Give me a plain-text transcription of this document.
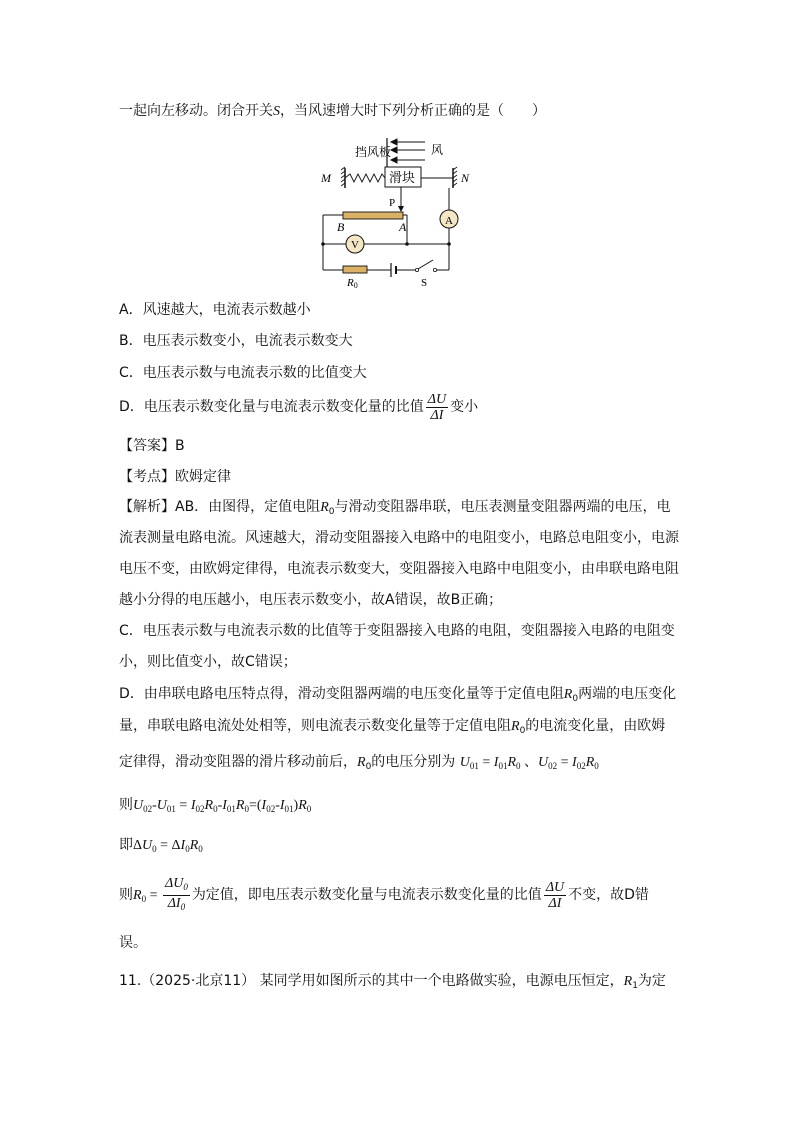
一起向左移动。闭合开关S，当风速增大时下列分析正确的是（　　）
挡风板	风
M	N
滑块
P
B	A	A
V
R0	S
A．风速越大，电流表示数越小
B．电压表示数变小，电流表示数变大
C．电压表示数与电流表示数的比值变大
D．电压表示数变化量与电流表示数变化量的比值 $\frac{\Delta U}{\Delta I}$ 变小
【答案】B
【考点】欧姆定律
【解析】AB．由图得，定值电阻$R_0$与滑动变阻器串联，电压表测量变阻器两端的电压，电
流表测量电路电流。风速越大，滑动变阻器接入电路中的电阻变小，电路总电阻变小，电源
电压不变，由欧姆定律得，电流表示数变大，变阻器接入电路中电阻变小，由串联电路电阻
越小分得的电压越小，电压表示数变小，故A错误，故B正确；
C．电压表示数与电流表示数的比值等于变阻器接入电路的电阻，变阻器接入电路的电阻变
小，则比值变小，故C错误；
D．由串联电路电压特点得，滑动变阻器两端的电压变化量等于定值电阻$R_0$两端的电压变化
量，串联电路电流处处相等，则电流表示数变化量等于定值电阻$R_0$的电流变化量，由欧姆
定律得，滑动变阻器的滑片移动前后，$R_0$的电压分别为 $U_{01} = I_{01}R_0$ 、$U_{02} = I_{02}R_0$
则$U_{02}-U_{01} = I_{02}R_0-I_{01}R_0=(I_{02}-I_{01})R_0$
即$\Delta U_0 = \Delta I_0R_0$
则$R_0 = \frac{\Delta U_0}{\Delta I_0}$ 为定值，即电压表示数变化量与电流表示数变化量的比值 $\frac{\Delta U}{\Delta I}$ 不变，故D错
误。
11.（2025·北京11） 某同学用如图所示的其中一个电路做实验，电源电压恒定，$R_1$为定
